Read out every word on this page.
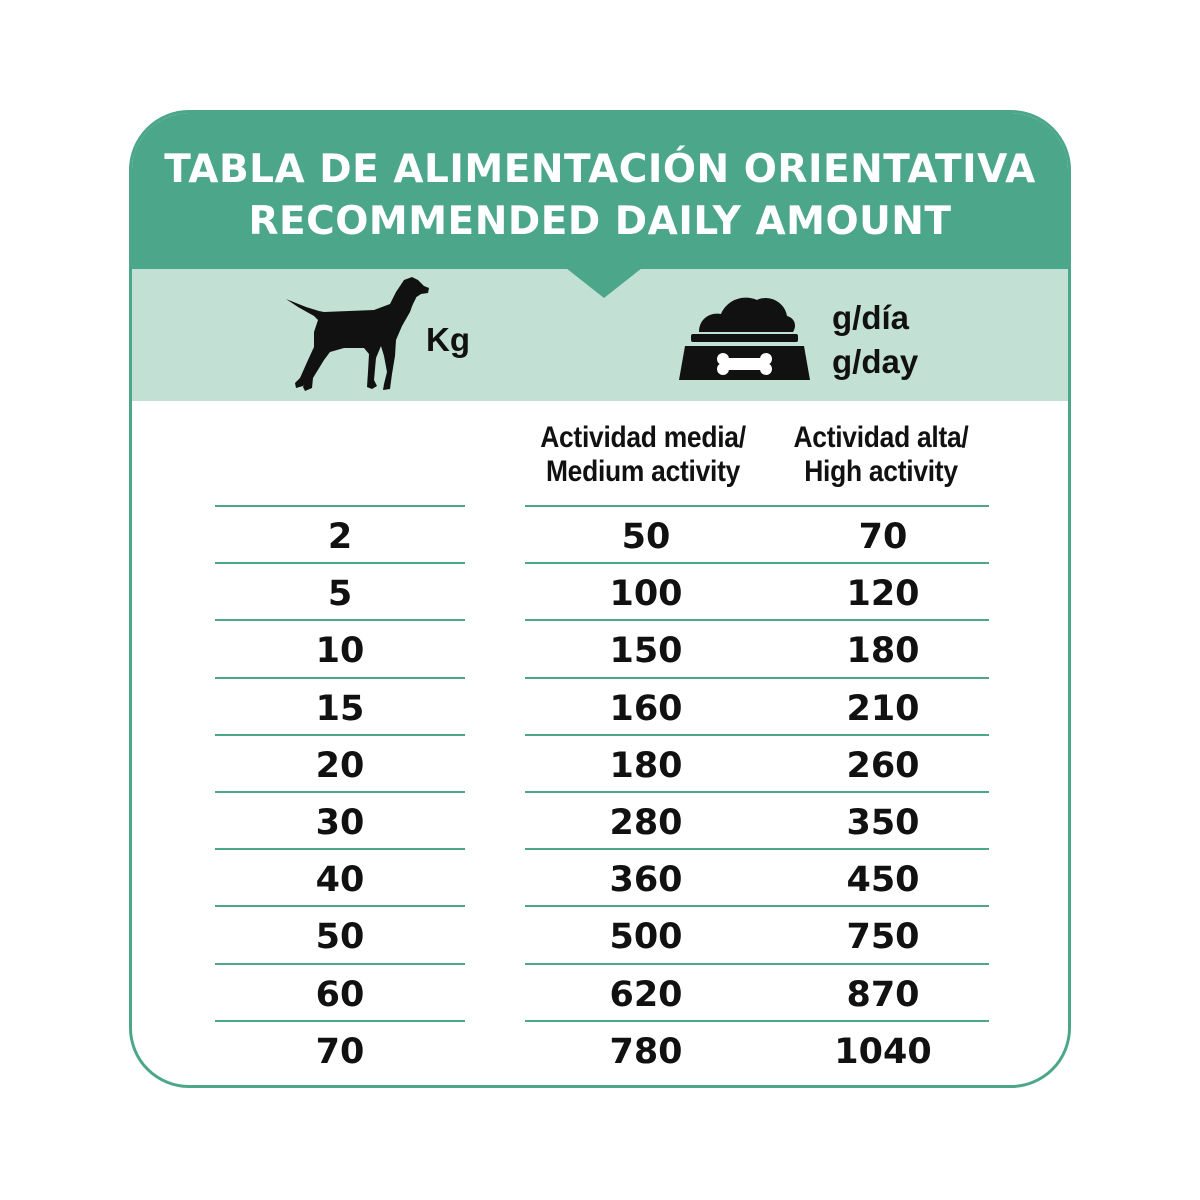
TABLA DE ALIMENTACIÓN ORIENTATIVA
RECOMMENDED DAILY AMOUNT
Kg
g/día
g/day
Actividad media/
Medium activity
Actividad alta/
High activity
2	50	70
5	100	120
10	150	180
15	160	210
20	180	260
30	280	350
40	360	450
50	500	750
60	620	870
70	780	1040
